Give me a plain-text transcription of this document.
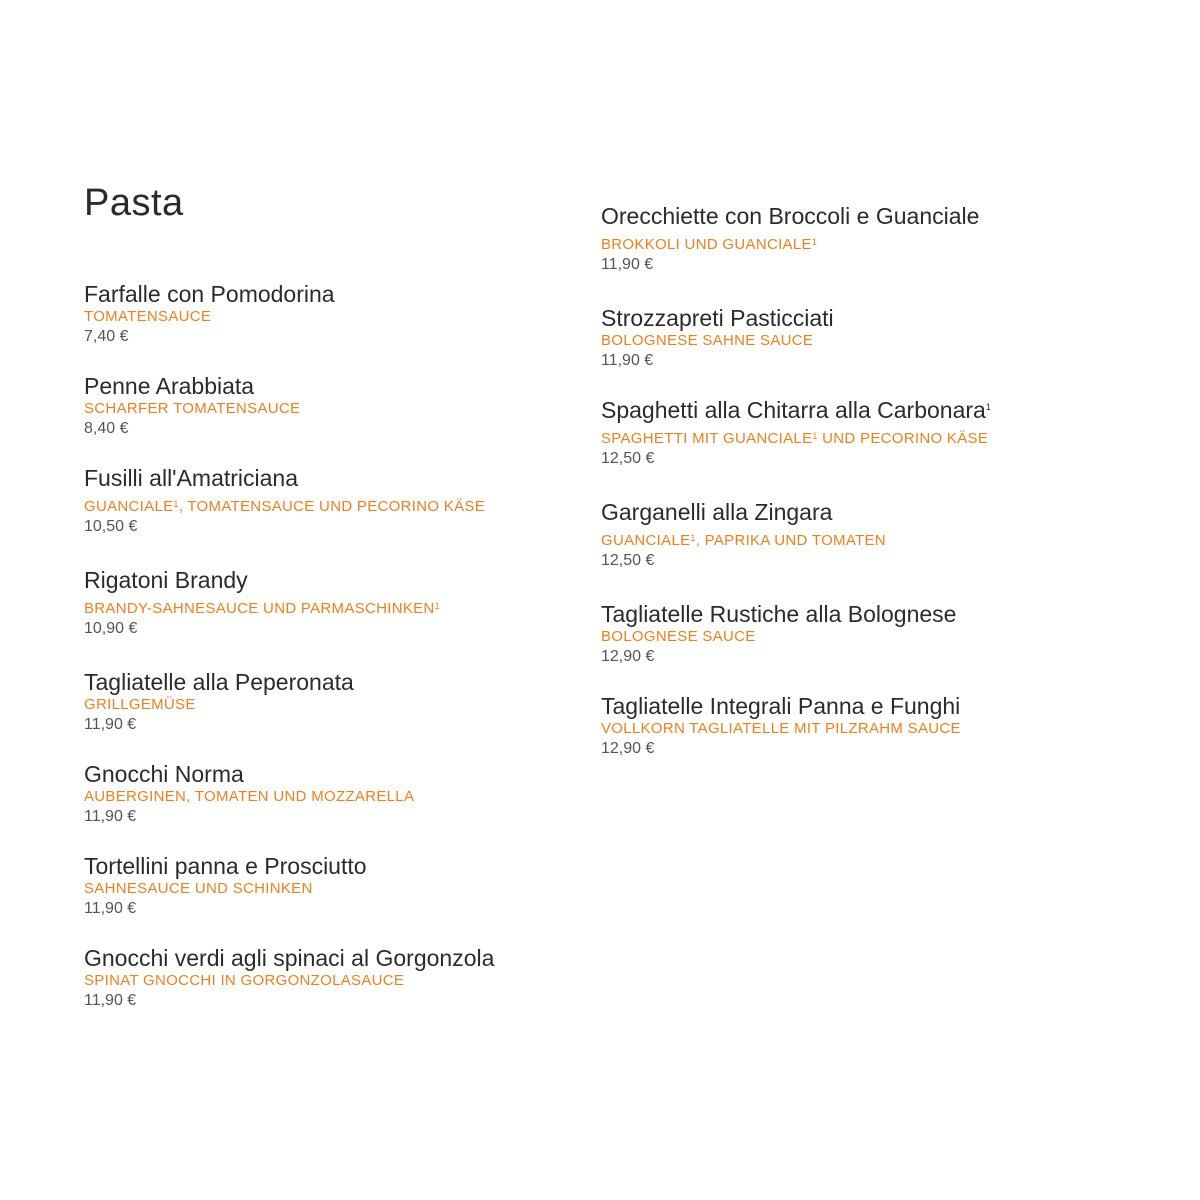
Pasta
Farfalle con Pomodorina
TOMATENSAUCE
7,40 €
Penne Arabbiata
SCHARFER TOMATENSAUCE
8,40 €
Fusilli all'Amatriciana
GUANCIALE$^1$, TOMATENSAUCE UND PECORINO KÄSE
10,50 €
Rigatoni Brandy
BRANDY-SAHNESAUCE UND PARMASCHINKEN$^1$
10,90 €
Tagliatelle alla Peperonata
GRILLGEMÜSE
11,90 €
Gnocchi Norma
AUBERGINEN, TOMATEN UND MOZZARELLA
11,90 €
Tortellini panna e Prosciutto
SAHNESAUCE UND SCHINKEN
11,90 €
Gnocchi verdi agli spinaci al Gorgonzola
SPINAT GNOCCHI IN GORGONZOLASAUCE
11,90 €
Orecchiette con Broccoli e Guanciale
BROKKOLI UND GUANCIALE$^1$
11,90 €
Strozzapreti Pasticciati
BOLOGNESE SAHNE SAUCE
11,90 €
Spaghetti alla Chitarra alla Carbonara$^1$
SPAGHETTI MIT GUANCIALE$^1$ UND PECORINO KÄSE
12,50 €
Garganelli alla Zingara
GUANCIALE$^1$, PAPRIKA UND TOMATEN
12,50 €
Tagliatelle Rustiche alla Bolognese
BOLOGNESE SAUCE
12,90 €
Tagliatelle Integrali Panna e Funghi
VOLLKORN TAGLIATELLE MIT PILZRAHM SAUCE
12,90 €
